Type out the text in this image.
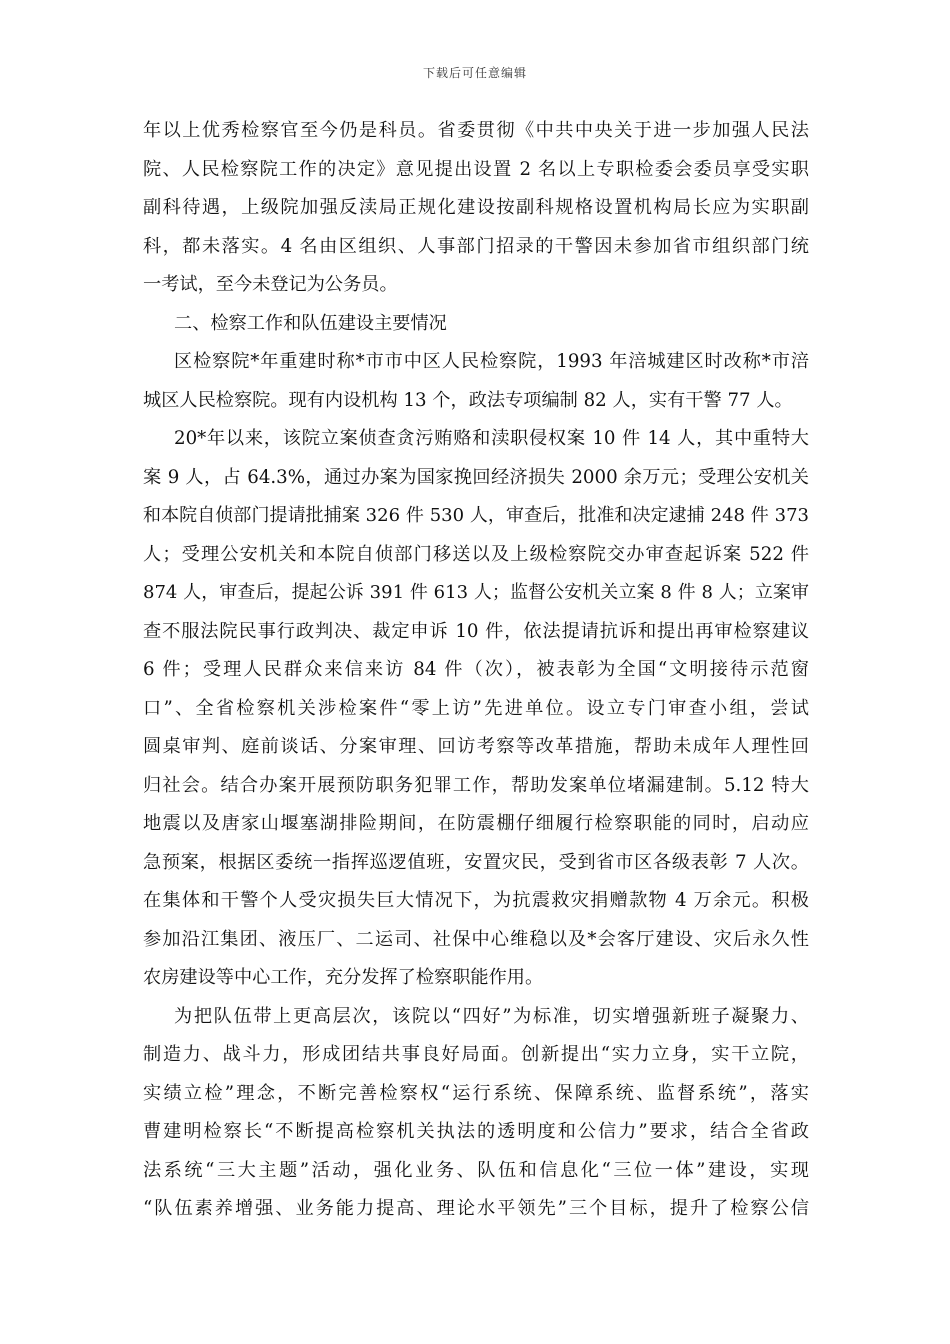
下载后可任意编辑
年以上优秀检察官至今仍是科员。省委贯彻《中共中央关于进一步加强人民法
院、人民检察院工作的决定》意见提出设置 2 名以上专职检委会委员享受实职
副科待遇，上级院加强反渎局正规化建设按副科规格设置机构局长应为实职副
科，都未落实。4 名由区组织、人事部门招录的干警因未参加省市组织部门统
一考试，至今未登记为公务员。
二、检察工作和队伍建设主要情况
区检察院*年重建时称*市市中区人民检察院，1993 年涪城建区时改称*市涪
城区人民检察院。现有内设机构 13 个，政法专项编制 82 人，实有干警 77 人。
20*年以来，该院立案侦查贪污贿赂和渎职侵权案 10 件 14 人，其中重特大
案 9 人，占 64.3%，通过办案为国家挽回经济损失 2000 余万元；受理公安机关
和本院自侦部门提请批捕案 326 件 530 人，审查后，批准和决定逮捕 248 件 373
人；受理公安机关和本院自侦部门移送以及上级检察院交办审查起诉案 522 件
874 人，审查后，提起公诉 391 件 613 人；监督公安机关立案 8 件 8 人；立案审
查不服法院民事行政判决、裁定申诉 10 件，依法提请抗诉和提出再审检察建议
6 件；受理人民群众来信来访 84 件（次），被表彰为全国“文明接待示范窗
口”、全省检察机关涉检案件“零上访”先进单位。设立专门审查小组，尝试
圆桌审判、庭前谈话、分案审理、回访考察等改革措施，帮助未成年人理性回
归社会。结合办案开展预防职务犯罪工作，帮助发案单位堵漏建制。5.12 特大
地震以及唐家山堰塞湖排险期间，在防震棚仔细履行检察职能的同时，启动应
急预案，根据区委统一指挥巡逻值班，安置灾民，受到省市区各级表彰 7 人次。
在集体和干警个人受灾损失巨大情况下，为抗震救灾捐赠款物 4 万余元。积极
参加沿江集团、液压厂、二运司、社保中心维稳以及*会客厅建设、灾后永久性
农房建设等中心工作，充分发挥了检察职能作用。
为把队伍带上更高层次，该院以“四好”为标准，切实增强新班子凝聚力、
制造力、战斗力，形成团结共事良好局面。创新提出“实力立身，实干立院，
实绩立检”理念，不断完善检察权“运行系统、保障系统、监督系统”，落实
曹建明检察长“不断提高检察机关执法的透明度和公信力”要求，结合全省政
法系统“三大主题”活动，强化业务、队伍和信息化“三位一体”建设，实现
“队伍素养增强、业务能力提高、理论水平领先”三个目标，提升了检察公信
